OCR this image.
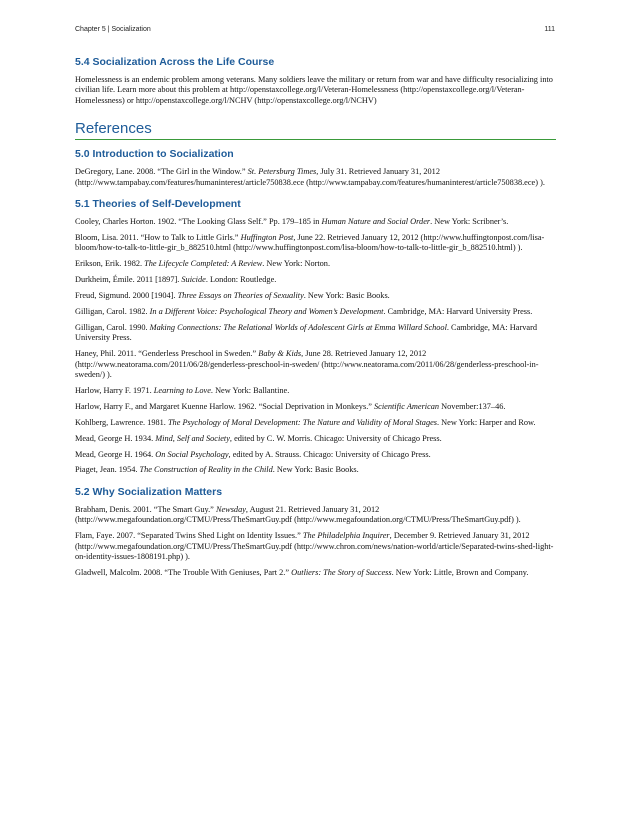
Chapter 5 | Socialization	111
5.4 Socialization Across the Life Course

Homelessness is an endemic problem among veterans. Many soldiers leave the military or return from war and have difficulty resocializing into civilian life. Learn more about this problem at http://openstaxcollege.org/l/Veteran-Homelessness (http://openstaxcollege.org/l/Veteran-Homelessness) or http://openstaxcollege.org/l/NCHV (http://openstaxcollege.org/l/NCHV)

References
5.0 Introduction to Socialization

DeGregory, Lane. 2008. “The Girl in the Window.” St. Petersburg Times, July 31. Retrieved January 31, 2012 (http://www.tampabay.com/features/humaninterest/article750838.ece (http://www.tampabay.com/features/humaninterest/article750838.ece) ).

5.1 Theories of Self-Development

Cooley, Charles Horton. 1902. “The Looking Glass Self.” Pp. 179–185 in Human Nature and Social Order. New York: Scribner’s.

Bloom, Lisa. 2011. “How to Talk to Little Girls.” Huffington Post, June 22. Retrieved January 12, 2012 (http://www.huffingtonpost.com/lisa-bloom/how-to-talk-to-little-gir_b_882510.html (http://www.huffingtonpost.com/lisa-bloom/how-to-talk-to-little-gir_b_882510.html) ).

Erikson, Erik. 1982. The Lifecycle Completed: A Review. New York: Norton.

Durkheim, Émile. 2011 [1897]. Suicide. London: Routledge.

Freud, Sigmund. 2000 [1904]. Three Essays on Theories of Sexuality. New York: Basic Books.

Gilligan, Carol. 1982. In a Different Voice: Psychological Theory and Women’s Development. Cambridge, MA: Harvard University Press.

Gilligan, Carol. 1990. Making Connections: The Relational Worlds of Adolescent Girls at Emma Willard School. Cambridge, MA: Harvard University Press.

Haney, Phil. 2011. “Genderless Preschool in Sweden.” Baby & Kids, June 28. Retrieved January 12, 2012 (http://www.neatorama.com/2011/06/28/genderless-preschool-in-sweden/ (http://www.neatorama.com/2011/06/28/genderless-preschool-in-sweden/) ).

Harlow, Harry F. 1971. Learning to Love. New York: Ballantine.

Harlow, Harry F., and Margaret Kuenne Harlow. 1962. “Social Deprivation in Monkeys.” Scientific American November:137–46.

Kohlberg, Lawrence. 1981. The Psychology of Moral Development: The Nature and Validity of Moral Stages. New York: Harper and Row.

Mead, George H. 1934. Mind, Self and Society, edited by C. W. Morris. Chicago: University of Chicago Press.

Mead, George H. 1964. On Social Psychology, edited by A. Strauss. Chicago: University of Chicago Press.

Piaget, Jean. 1954. The Construction of Reality in the Child. New York: Basic Books.

5.2 Why Socialization Matters

Brabham, Denis. 2001. “The Smart Guy.” Newsday, August 21. Retrieved January 31, 2012 (http://www.megafoundation.org/CTMU/Press/TheSmartGuy.pdf (http://www.megafoundation.org/CTMU/Press/TheSmartGuy.pdf) ).

Flam, Faye. 2007. “Separated Twins Shed Light on Identity Issues.” The Philadelphia Inquirer, December 9. Retrieved January 31, 2012 (http://www.megafoundation.org/CTMU/Press/TheSmartGuy.pdf (http://www.chron.com/news/nation-world/article/Separated-twins-shed-light-on-identity-issues-1808191.php) ).

Gladwell, Malcolm. 2008. “The Trouble With Geniuses, Part 2.” Outliers: The Story of Success. New York: Little, Brown and Company.
